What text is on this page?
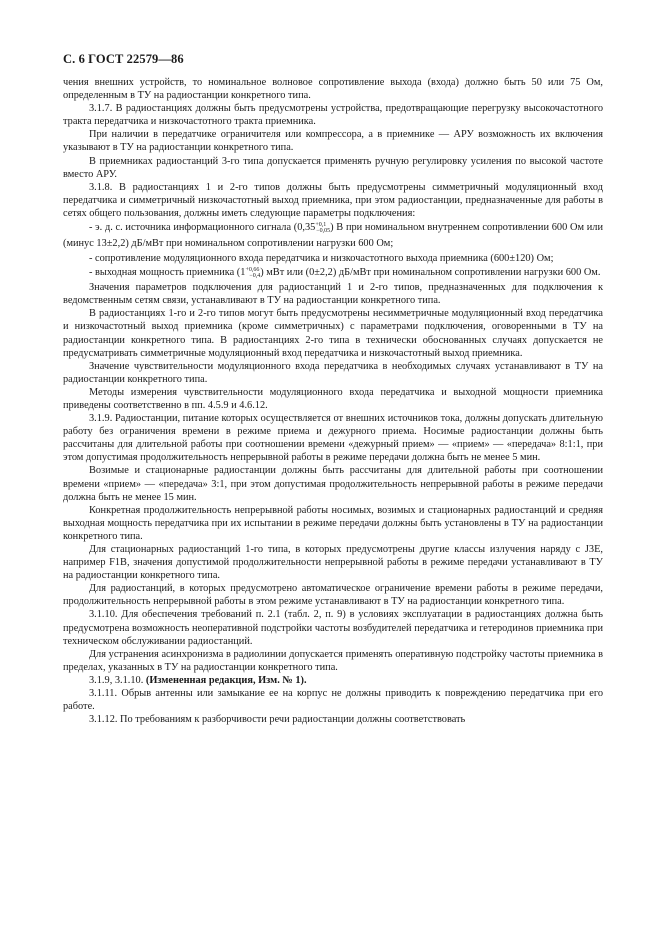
С. 6 ГОСТ 22579—86

чения внешних устройств, то номинальное волновое сопротивление выхода (входа) должно быть 50 или 75 Ом, определенным в ТУ на радиостанции конкретного типа.

3.1.7. В радиостанциях должны быть предусмотрены устройства, предотвращающие перегрузку высокочастотного тракта передатчика и низкочастотного тракта приемника.

При наличии в передатчике ограничителя или компрессора, а в приемнике — АРУ возможность их включения указывают в ТУ на радиостанции конкретного типа.

В приемниках радиостанций 3-го типа допускается применять ручную регулировку усиления по высокой частоте вместо АРУ.

3.1.8. В радиостанциях 1 и 2-го типов должны быть предусмотрены симметричный модуляционный вход передатчика и симметричный низкочастотный выход приемника, при этом радиостанции, предназначенные для работы в сетях общего пользования, должны иметь следующие параметры подключения:

- э. д. с. источника информационного сигнала $(0,35^{+0,1}_{-0,05})$ В при номинальном внутреннем сопротивлении 600 Ом или (минус 13±2,2) дБ/мВт при номинальном сопротивлении нагрузки 600 Ом;

- сопротивление модуляционного входа передатчика и низкочастотного выхода приемника (600±120) Ом;

- выходная мощность приемника $(1^{+0,66}_{-0,4})$ мВт или (0±2,2) дБ/мВт при номинальном сопротивлении нагрузки 600 Ом.

Значения параметров подключения для радиостанций 1 и 2-го типов, предназначенных для подключения к ведомственным сетям связи, устанавливают в ТУ на радиостанции конкретного типа.

В радиостанциях 1-го и 2-го типов могут быть предусмотрены несимметричные модуляционный вход передатчика и низкочастотный выход приемника (кроме симметричных) с параметрами подключения, оговоренными в ТУ на радиостанции конкретного типа. В радиостанциях 2-го типа в технически обоснованных случаях допускается не предусматривать симметричные модуляционный вход передатчика и низкочастотный выход приемника.

Значение чувствительности модуляционного входа передатчика в необходимых случаях устанавливают в ТУ на радиостанции конкретного типа.

Методы измерения чувствительности модуляционного входа передатчика и выходной мощности приемника приведены соответственно в пп. 4.5.9 и 4.6.12.

3.1.9. Радиостанции, питание которых осуществляется от внешних источников тока, должны допускать длительную работу без ограничения времени в режиме приема и дежурного приема. Носимые радиостанции должны быть рассчитаны для длительной работы при соотношении времени «дежурный прием» — «прием» — «передача» 8:1:1, при этом допустимая продолжительность непрерывной работы в режиме передачи должна быть не менее 5 мин.

Возимые и стационарные радиостанции должны быть рассчитаны для длительной работы при соотношении времени «прием» — «передача» 3:1, при этом допустимая продолжительность непрерывной работы в режиме передачи должна быть не менее 15 мин.

Конкретная продолжительность непрерывной работы носимых, возимых и стационарных радиостанций и средняя выходная мощность передатчика при их испытании в режиме передачи должны быть установлены в ТУ на радиостанции конкретного типа.

Для стационарных радиостанций 1-го типа, в которых предусмотрены другие классы излучения наряду с J3E, например F1B, значения допустимой продолжительности непрерывной работы в режиме передачи устанавливают в ТУ на радиостанции конкретного типа.

Для радиостанций, в которых предусмотрено автоматическое ограничение времени работы в режиме передачи, продолжительность непрерывной работы в этом режиме устанавливают в ТУ на радиостанции конкретного типа.

3.1.10. Для обеспечения требований п. 2.1 (табл. 2, п. 9) в условиях эксплуатации в радиостанциях должна быть предусмотрена возможность неоперативной подстройки частоты возбудителей передатчика и гетеродинов приемника при техническом обслуживании радиостанций.

Для устранения асинхронизма в радиолинии допускается применять оперативную подстройку частоты приемника в пределах, указанных в ТУ на радиостанции конкретного типа.

3.1.9, 3.1.10. (Измененная редакция, Изм. № 1).

3.1.11. Обрыв антенны или замыкание ее на корпус не должны приводить к повреждению передатчика при его работе.

3.1.12. По требованиям к разборчивости речи радиостанции должны соответствовать
